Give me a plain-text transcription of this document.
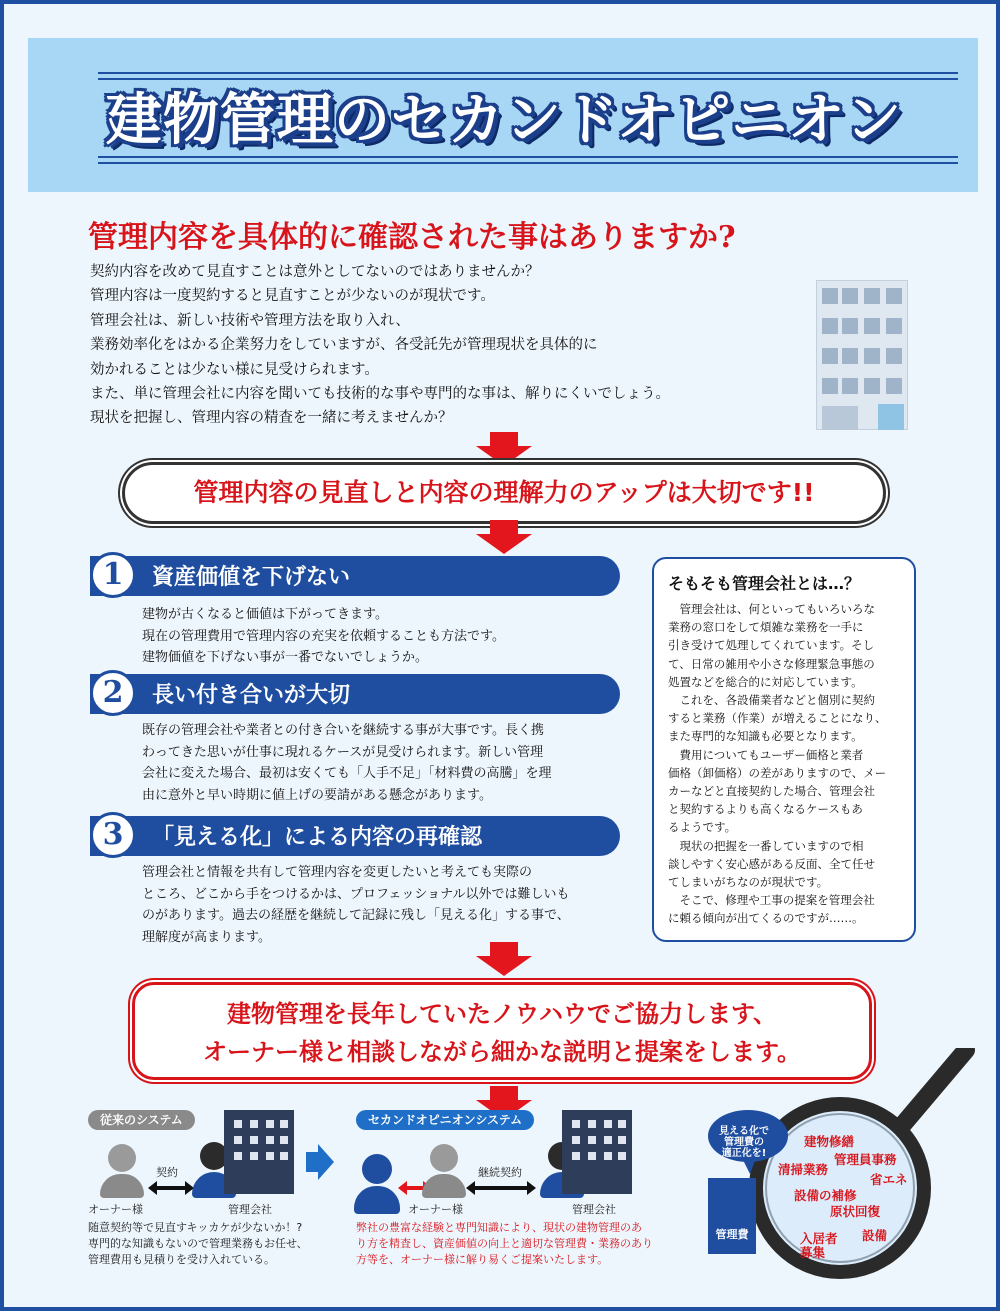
建物管理のセカンドオピニオン
管理内容を具体的に確認された事はありますか?

契約内容を改めて見直すことは意外としてないのではありませんか？

管理内容は一度契約すると見直すことが少ないのが現状です。

管理会社は、新しい技術や管理方法を取り入れ、

業務効率化をはかる企業努力をしていますが、各受託先が管理現状を具体的に

効かれることは少ない様に見受けられます。

また、単に管理会社に内容を聞いても技術的な事や専門的な事は、解りにくいでしょう。

現状を把握し、管理内容の精査を一緒に考えませんか？

管理内容の見直しと内容の理解力のアップは大切です!!
1	資産価値を下げない

建物が古くなると価値は下がってきます。

現在の管理費用で管理内容の充実を依頼することも方法です。

建物価値を下げない事が一番でないでしょうか。

2	長い付き合いが大切

既存の管理会社や業者との付き合いを継続する事が大事です。長く携

わってきた思いが仕事に現れるケースが見受けられます。新しい管理

会社に変えた場合、最初は安くても「人手不足」「材料費の高騰」を理

由に意外と早い時期に値上げの要請がある懸念があります。

3	「見える化」による内容の再確認

管理会社と情報を共有して管理内容を変更したいと考えても実際の

ところ、どこから手をつけるかは、プロフェッショナル以外では難しいも

のがあります。過去の経歴を継続して記録に残し「見える化」する事で、

理解度が高まります。

そもそも管理会社とは…？

　管理会社は、何といってもいろいろな

業務の窓口をして煩雑な業務を一手に

引き受けて処理してくれています。そし

て、日常の雑用や小さな修理緊急事態の

処置などを総合的に対応しています。

　これを、各設備業者などと個別に契約

すると業務（作業）が増えることになり、

また専門的な知識も必要となります。

　費用についてもユーザー価格と業者

価格（卸価格）の差がありますので、メー

カーなどと直接契約した場合、管理会社

と契約するよりも高くなるケースもあ

るようです。

　現状の把握を一番していますので相

談しやすく安心感がある反面、全て任せ

てしまいがちなのが現状です。

　そこで、修理や工事の提案を管理会社

に頼る傾向が出てくるのですが……。

建物管理を長年していたノウハウでご協力します、
オーナー様と相談しながら細かな説明と提案をします。
従来のシステム
オーナー様
契約
管理会社

随意契約等で見直すキッカケが少ないか！?

専門的な知識もないので管理業務もお任せ、

管理費用も見積りを受け入れている。

セカンドオピニオンシステム
オーナー様
継続契約
管理会社

弊社の豊富な経験と専門知識により、現状の建物管理のあ

り方を精査し、資産価値の向上と適切な管理費・業務のあり

方等を、オーナー様に解り易くご提案いたします。

見える化で
管理費の
適正化を!
管理費
建物修繕
清掃業務
管理員事務
省エネ
設備の補修
原状回復
入居者募集
設備
